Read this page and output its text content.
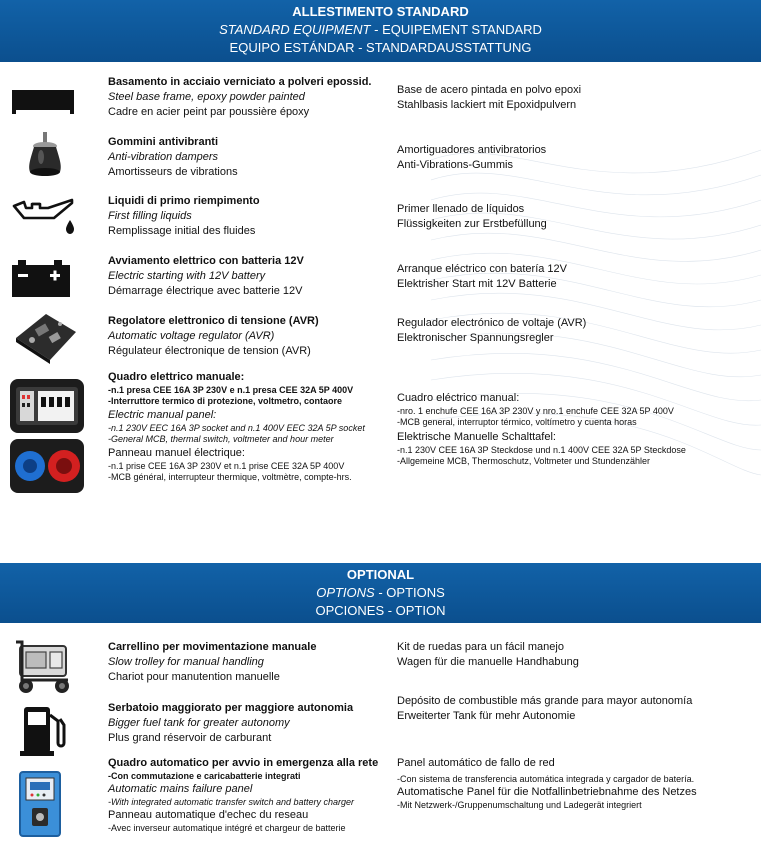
ALLESTIMENTO STANDARD
STANDARD EQUIPMENT - EQUIPEMENT STANDARD
EQUIPO ESTÁNDAR - STANDARDAUSSTATTUNG
Basamento in acciaio verniciato a polveri epossid.
Steel base frame, epoxy powder painted
Cadre en acier peint par poussière époxy
Base de acero pintada en polvo epoxi
Stahlbasis lackiert mit Epoxidpulvern
Gommini antivibranti
Anti-vibration dampers
Amortisseurs de vibrations
Amortiguadores antivibratorios
Anti-Vibrations-Gummis
Liquidi di primo riempimento
First filling liquids
Remplissage initial des fluides
Primer llenado de líquidos
Flüssigkeiten zur Erstbefüllung
Avviamento elettrico con batteria 12V
Electric starting with 12V battery
Démarrage électrique avec batterie 12V
Arranque eléctrico con batería 12V
Elektrisher Start mit 12V Batterie
Regolatore elettronico di tensione (AVR)
Automatic voltage regulator (AVR)
Régulateur électronique de tension (AVR)
Regulador electrónico de voltaje (AVR)
Elektronischer Spannungsregler
Quadro elettrico manuale:
-n.1 presa CEE 16A 3P 230V e n.1 presa CEE 32A 5P 400V
-Interruttore termico di protezione, voltmetro, contaore
Electric manual panel:
-n.1 230V EEC 16A 3P socket and n.1 400V EEC 32A 5P socket
-General MCB, thermal switch, voltmeter and hour meter
Panneau manuel électrique:
-n.1 prise CEE 16A 3P 230V et n.1 prise CEE 32A 5P 400V
-MCB général, interrupteur thermique, voltmètre, compte-hrs.
Cuadro eléctrico manual:
-nro. 1 enchufe CEE 16A 3P 230V y nro.1 enchufe CEE 32A 5P 400V
-MCB general, interruptor térmico, voltímetro y cuenta horas
Elektrische Manuelle Schalttafel:
-n.1 230V CEE 16A 3P Steckdose und n.1 400V CEE 32A 5P Steckdose
-Allgemeine MCB, Thermoschutz, Voltmeter und Stundenzähler
OPTIONAL
OPTIONS - OPTIONS
OPCIONES - OPTION
Carrellino per movimentazione manuale
Slow trolley for manual handling
Chariot pour manutention manuelle
Kit de ruedas para un fácil manejo
Wagen für die manuelle Handhabung
Serbatoio maggiorato per maggiore autonomia
Bigger fuel tank for greater autonomy
Plus grand réservoir de carburant
Depósito de combustible más grande para mayor autonomía
Erweiterter Tank für mehr Autonomie
Quadro automatico per avvio in emergenza alla rete
-Con commutazione e caricabatterie integrati
Automatic mains failure panel
-With integrated automatic transfer switch and battery charger
Panneau automatique d'echec du reseau
-Avec inverseur automatique intégré et chargeur de batterie
Panel automático de fallo de red
-Con sistema de transferencia automática integrada y cargador de batería.
Automatische Panel für die Notfallinbetriebnahme des Netzes
-Mit Netzwerk-/Gruppenumschaltung und Ladegerät integriert
